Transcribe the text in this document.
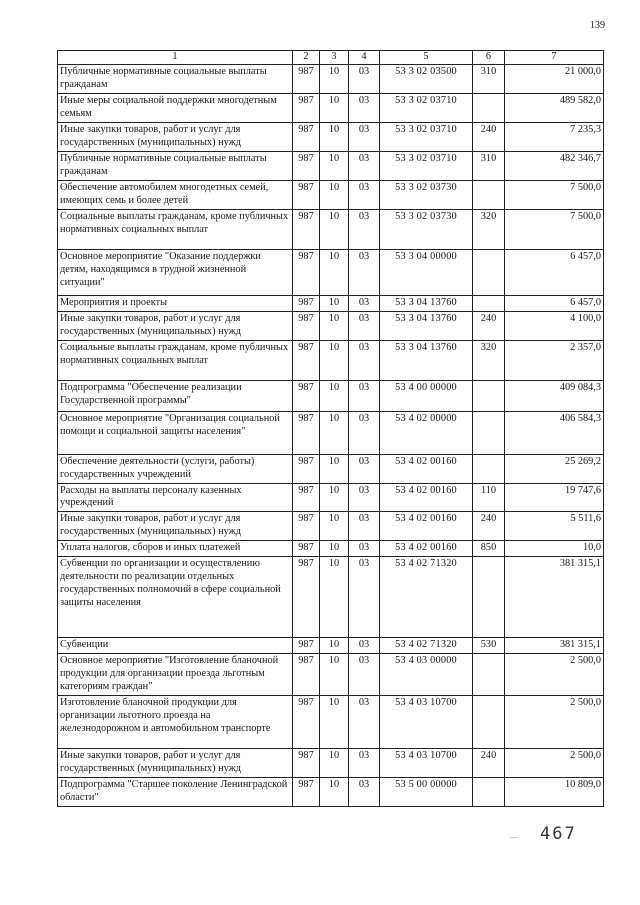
139
1	2	3	4	5	6	7
Публичные нормативные социальные выплаты гражданам	987	10	03	53 3 02 03500	310	21 000,0
Иные меры социальной поддержки многодетным семьям	987	10	03	53 3 02 03710		489 582,0
Иные закупки товаров, работ и услуг для государственных (муниципальных) нужд	987	10	03	53 3 02 03710	240	7 235,3
Публичные нормативные социальные выплаты гражданам	987	10	03	53 3 02 03710	310	482 346,7
Обеспечение автомобилем многодетных семей, имеющих семь и более детей	987	10	03	53 3 02 03730		7 500,0
Социальные выплаты гражданам, кроме публичных нормативных социальных выплат	987	10	03	53 3 02 03730	320	7 500,0
Основное мероприятие "Оказание поддержки детям, находящимся в трудной жизненной ситуации"	987	10	03	53 3 04 00000		6 457,0
Мероприятия и проекты	987	10	03	53 3 04 13760		6 457,0
Иные закупки товаров, работ и услуг для государственных (муниципальных) нужд	987	10	03	53 3 04 13760	240	4 100,0
Социальные выплаты гражданам, кроме публичных нормативных социальных выплат	987	10	03	53 3 04 13760	320	2 357,0
Подпрограмма "Обеспечение реализации Государственной программы"	987	10	03	53 4 00 00000		409 084,3
Основное мероприятие "Организация социальной помощи и социальной защиты населения"	987	10	03	53 4 02 00000		406 584,3
Обеспечение деятельности (услуги, работы) государственных учреждений	987	10	03	53 4 02 00160		25 269,2
Расходы на выплаты персоналу казенных учреждений	987	10	03	53 4 02 00160	110	19 747,6
Иные закупки товаров, работ и услуг для государственных (муниципальных) нужд	987	10	03	53 4 02 00160	240	5 511,6
Уплата налогов, сборов и иных платежей	987	10	03	53 4 02 00160	850	10,0
Субвенции по организации и осуществлению деятельности по реализации отдельных государственных полномочий в сфере социальной защиты населения	987	10	03	53 4 02 71320		381 315,1
Субвенции	987	10	03	53 4 02 71320	530	381 315,1
Основное мероприятие "Изготовление бланочной продукции для организации проезда льготным категориям граждан"	987	10	03	53 4 03 00000		2 500,0
Изготовление бланочной продукции для организации льготного проезда на железнодорожном и автомобильном транспорте	987	10	03	53 4 03 10700		2 500,0
Иные закупки товаров, работ и услуг для государственных (муниципальных) нужд	987	10	03	53 4 03 10700	240	2 500,0
Подпрограмма "Старшее поколение Ленинградской области"	987	10	03	53 5 00 00000		10 809,0
― 467
